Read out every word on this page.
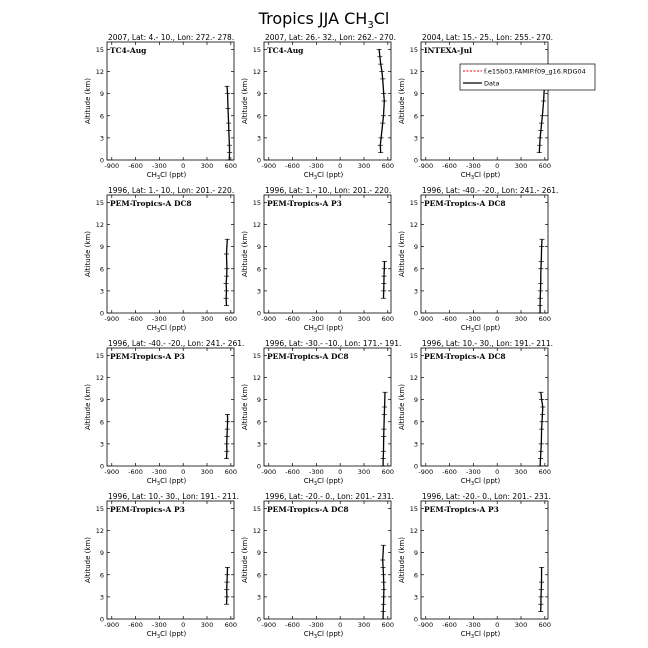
Tropics JJA $CH_3Cl$
2007, Lat: 4.- 10., Lon: 272.- 278.
TC4-Aug
-900 -600 -300 0 300 600
0
3
6
9
12
15
$CH_3Cl$ (ppt)
Altitude (km)
2007, Lat: 26.- 32., Lon: 262.- 270.
TC4-Aug
-900 -600 -300 0 300 600
0
3
6
9
12
15
$CH_3Cl$ (ppt)
Altitude (km)
2004, Lat: 15.- 25., Lon: 255.- 270.
INTEXA-Jul
-900 -600 -300 0 300 600
0
3
6
9
12
15
$CH_3Cl$ (ppt)
Altitude (km)
f.e15b03.FAMIP.f09_g16.RDG04
Data
1996, Lat: 1.- 10., Lon: 201.- 220.
PEM-Tropics-A DC8
-900 -600 -300 0 300 600
0
3
6
9
12
15
$CH_3Cl$ (ppt)
Altitude (km)
1996, Lat: 1.- 10., Lon: 201.- 220.
PEM-Tropics-A P3
-900 -600 -300 0 300 600
0
3
6
9
12
15
$CH_3Cl$ (ppt)
Altitude (km)
1996, Lat: -40.- -20., Lon: 241.- 261.
PEM-Tropics-A DC8
-900 -600 -300 0 300 600
0
3
6
9
12
15
$CH_3Cl$ (ppt)
Altitude (km)
1996, Lat: -40.- -20., Lon: 241.- 261.
PEM-Tropics-A P3
-900 -600 -300 0 300 600
0
3
6
9
12
15
$CH_3Cl$ (ppt)
Altitude (km)
1996, Lat: -30.- -10., Lon: 171.- 191.
PEM-Tropics-A DC8
-900 -600 -300 0 300 600
0
3
6
9
12
15
$CH_3Cl$ (ppt)
Altitude (km)
1996, Lat: 10.- 30., Lon: 191.- 211.
PEM-Tropics-A DC8
-900 -600 -300 0 300 600
0
3
6
9
12
15
$CH_3Cl$ (ppt)
Altitude (km)
1996, Lat: 10.- 30., Lon: 191.- 211.
PEM-Tropics-A P3
-900 -600 -300 0 300 600
0
3
6
9
12
15
$CH_3Cl$ (ppt)
Altitude (km)
1996, Lat: -20.- 0., Lon: 201.- 231.
PEM-Tropics-A DC8
-900 -600 -300 0 300 600
0
3
6
9
12
15
$CH_3Cl$ (ppt)
Altitude (km)
1996, Lat: -20.- 0., Lon: 201.- 231.
PEM-Tropics-A P3
-900 -600 -300 0 300 600
0
3
6
9
12
15
$CH_3Cl$ (ppt)
Altitude (km)
